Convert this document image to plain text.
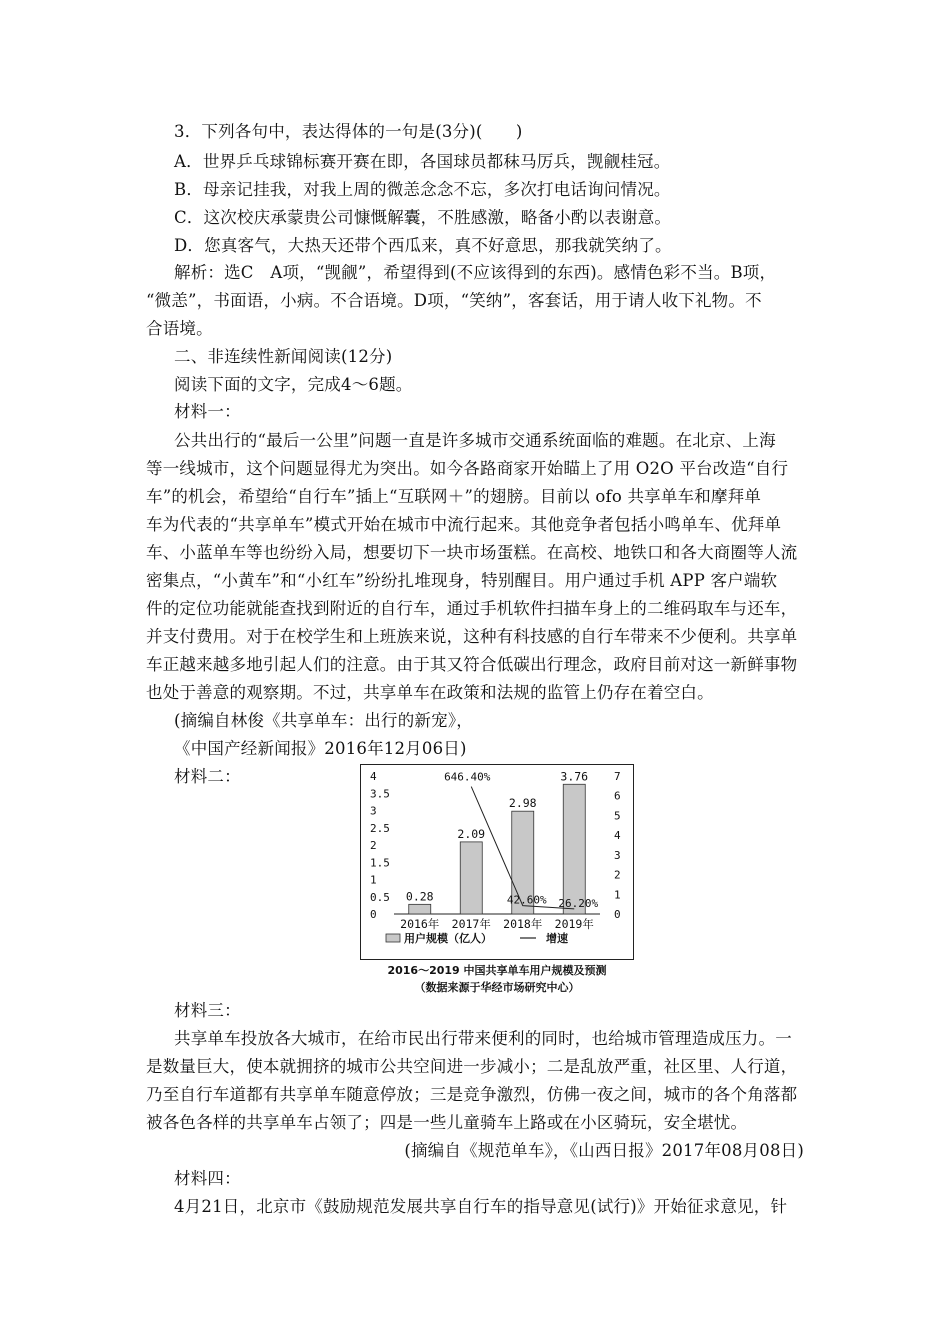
3．下列各句中，表达得体的一句是(3分)(　　)
A．世界乒乓球锦标赛开赛在即，各国球员都秣马厉兵，觊觎桂冠。
B．母亲记挂我，对我上周的微恙念念不忘，多次打电话询问情况。
C．这次校庆承蒙贵公司慷慨解囊，不胜感激，略备小酌以表谢意。
D．您真客气，大热天还带个西瓜来，真不好意思，那我就笑纳了。
解析：选C　A项，“觊觎”，希望得到(不应该得到的东西)。感情色彩不当。B项，
“微恙”，书面语，小病。不合语境。D项，“笑纳”，客套话，用于请人收下礼物。不
合语境。
二、非连续性新闻阅读(12分)
阅读下面的文字，完成4～6题。
材料一：
公共出行的“最后一公里”问题一直是许多城市交通系统面临的难题。在北京、上海
等一线城市，这个问题显得尤为突出。如今各路商家开始瞄上了用 O2O 平台改造“自行
车”的机会，希望给“自行车”插上“互联网＋”的翅膀。目前以 ofo 共享单车和摩拜单
车为代表的“共享单车”模式开始在城市中流行起来。其他竞争者包括小鸣单车、优拜单
车、小蓝单车等也纷纷入局，想要切下一块市场蛋糕。在高校、地铁口和各大商圈等人流
密集点，“小黄车”和“小红车”纷纷扎堆现身，特别醒目。用户通过手机 APP 客户端软
件的定位功能就能查找到附近的自行车，通过手机软件扫描车身上的二维码取车与还车，
并支付费用。对于在校学生和上班族来说，这种有科技感的自行车带来不少便利。共享单
车正越来越多地引起人们的注意。由于其又符合低碳出行理念，政府目前对这一新鲜事物
也处于善意的观察期。不过，共享单车在政策和法规的监管上仍存在着空白。
(摘编自林俊《共享单车：出行的新宠》，
《中国产经新闻报》2016年12月06日)
材料二：
0
0.5
1
1.5
2
2.5
3
3.5
4
0
1
2
3
4
5
6
7
0.28
2016年
2.09
2017年
2.98
2018年
3.76
2019年
646.40%
42.60% 26.20%
用户规模（亿人）	增速
2016～2019 中国共享单车用户规模及预测
（数据来源于华经市场研究中心）
材料三：
共享单车投放各大城市，在给市民出行带来便利的同时，也给城市管理造成压力。一
是数量巨大，使本就拥挤的城市公共空间进一步减小；二是乱放严重，社区里、人行道，
乃至自行车道都有共享单车随意停放；三是竞争激烈，仿佛一夜之间，城市的各个角落都
被各色各样的共享单车占领了；四是一些儿童骑车上路或在小区骑玩，安全堪忧。
(摘编自《规范单车》，《山西日报》2017年08月08日)
材料四：
4月21日，北京市《鼓励规范发展共享自行车的指导意见(试行)》开始征求意见，针
